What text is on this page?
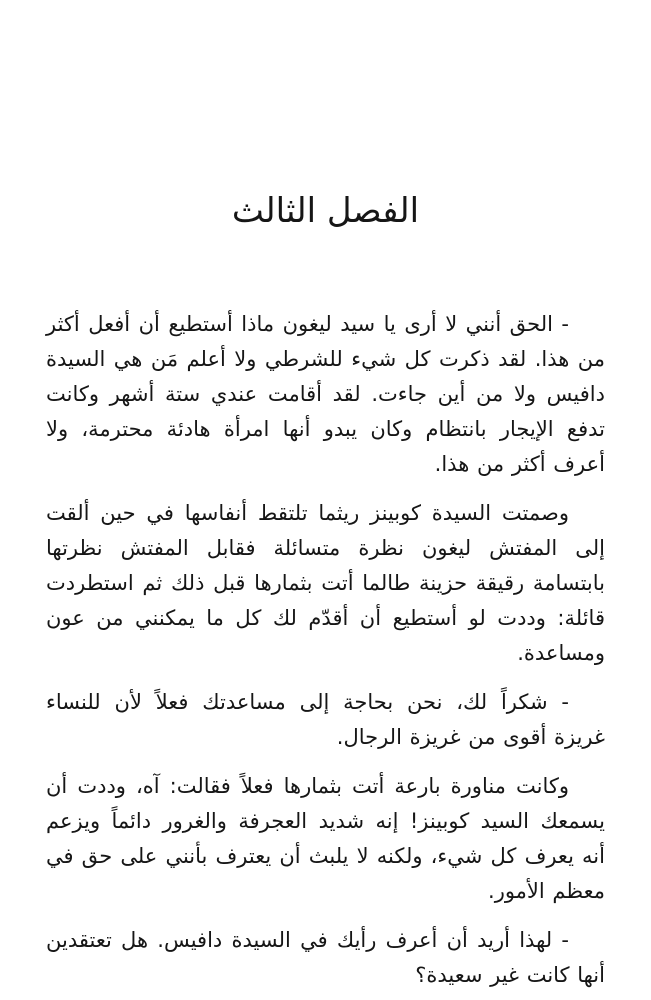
الفصل الثالث

- الحق أنني لا أرى يا سيد ليغون ماذا أستطيع أن أفعل أكثر من هذا. لقد ذكرت كل شيء للشرطي ولا أعلم مَن هي السيدة دافيس ولا من أين جاءت. لقد أقامت عندي ستة أشهر وكانت تدفع الإيجار بانتظام وكان يبدو أنها امرأة هادئة محترمة، ولا أعرف أكثر من هذا.

وصمتت السيدة كوبينز ريثما تلتقط أنفاسها في حين ألقت إلى المفتش ليغون نظرة متسائلة فقابل المفتش نظرتها بابتسامة رقيقة حزينة طالما أتت بثمارها قبل ذلك ثم استطردت قائلة: وددت لو أستطيع أن أقدّم لك كل ما يمكنني من عون ومساعدة.

- شكراً لك، نحن بحاجة إلى مساعدتك فعلاً لأن للنساء غريزة أقوى من غريزة الرجال.

وكانت مناورة بارعة أتت بثمارها فعلاً فقالت: آه، وددت أن يسمعك السيد كوبينز! إنه شديد العجرفة والغرور دائماً ويزعم أنه يعرف كل شيء، ولكنه لا يلبث أن يعترف بأنني على حق في معظم الأمور.

- لهذا أريد أن أعرف رأيك في السيدة دافيس. هل تعتقدين أنها كانت غير سعيدة؟
